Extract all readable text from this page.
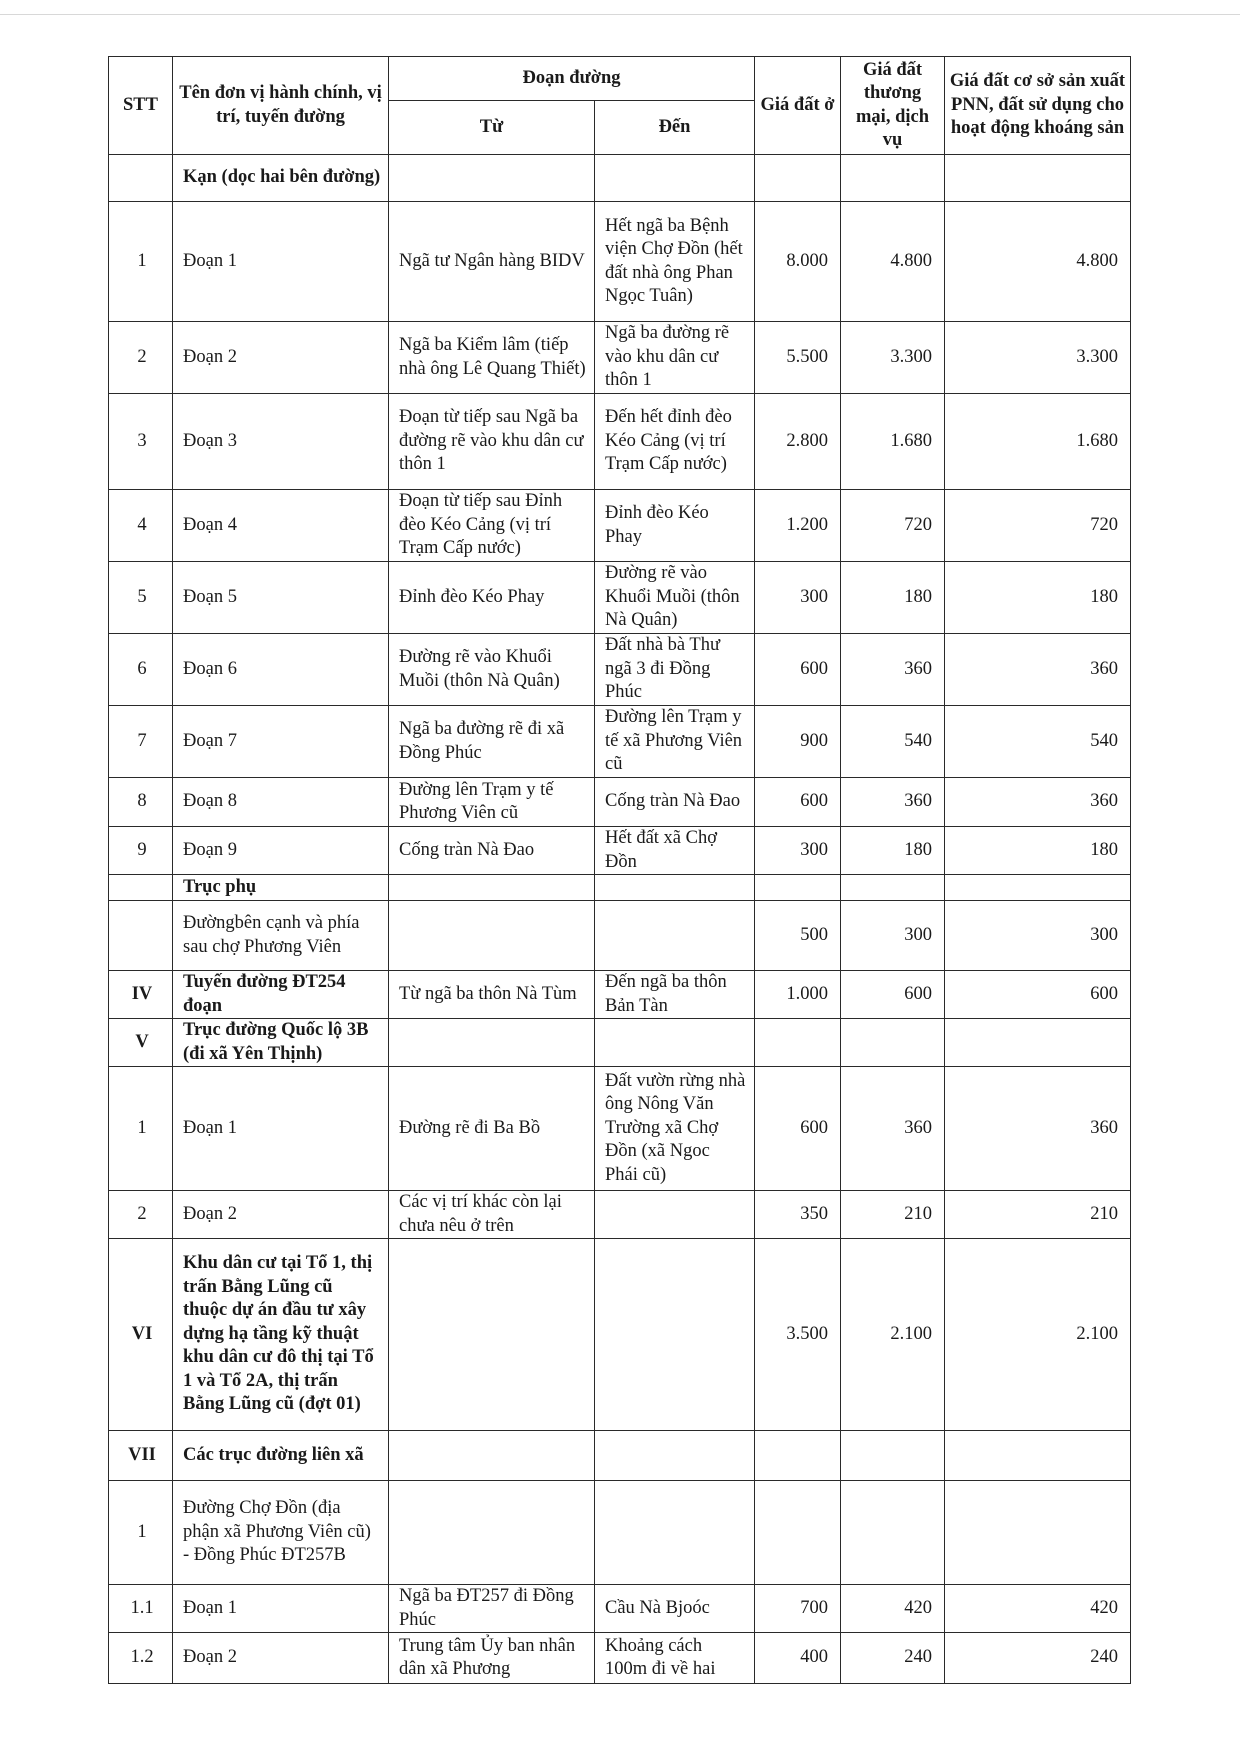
STT	Tên đơn vị hành chính, vị trí, tuyến đường	Đoạn đường		Giá đất ở	Giá đất thương mại, dịch vụ	Giá đất cơ sở sản xuất PNN, đất sử dụng cho hoạt động khoáng sản
		Từ	Đến			
	Kạn (dọc hai bên đường)					
1	Đoạn 1	Ngã tư Ngân hàng BIDV	Hết ngã ba Bệnh viện Chợ Đồn (hết đất nhà ông Phan Ngọc Tuân)	8.000	4.800	4.800
2	Đoạn 2	Ngã ba Kiểm lâm (tiếp nhà ông Lê Quang Thiết)	Ngã ba đường rẽ vào khu dân cư thôn 1	5.500	3.300	3.300
3	Đoạn 3	Đoạn từ tiếp sau Ngã ba đường rẽ vào khu dân cư thôn 1	Đến hết đỉnh đèo Kéo Cảng (vị trí Trạm Cấp nước)	2.800	1.680	1.680
4	Đoạn 4	Đoạn từ tiếp sau Đỉnh đèo Kéo Cảng (vị trí Trạm Cấp nước)	Đỉnh đèo Kéo Phay	1.200	720	720
5	Đoạn 5	Đỉnh đèo Kéo Phay	Đường rẽ vào Khuổi Muồi (thôn Nà Quân)	300	180	180
6	Đoạn 6	Đường rẽ vào Khuổi Muồi (thôn Nà Quân)	Đất nhà bà Thư ngã 3 đi Đồng Phúc	600	360	360
7	Đoạn 7	Ngã ba đường rẽ đi xã Đồng Phúc	Đường lên Trạm y tế xã Phương Viên cũ	900	540	540
8	Đoạn 8	Đường lên Trạm y tế Phương Viên cũ	Cống tràn Nà Đao	600	360	360
9	Đoạn 9	Cống tràn Nà Đao	Hết đất xã Chợ Đồn	300	180	180
	Trục phụ					
	Đườngbên cạnh và phía sau chợ Phương Viên			500	300	300
IV	Tuyến đường ĐT254 đoạn	Từ ngã ba thôn Nà Tùm	Đến ngã ba thôn Bản Tàn	1.000	600	600
V	Trục đường Quốc lộ 3B (đi xã Yên Thịnh)					
1	Đoạn 1	Đường rẽ đi Ba Bồ	Đất vườn rừng nhà ông Nông Văn Trường xã Chợ Đồn (xã Ngoc Phái cũ)	600	360	360
2	Đoạn 2	Các vị trí khác còn lại chưa nêu ở trên		350	210	210
VI	Khu dân cư tại Tổ 1, thị trấn Bằng Lũng cũ thuộc dự án đầu tư xây dựng hạ tầng kỹ thuật khu dân cư đô thị tại Tổ 1 và Tổ 2A, thị trấn Bằng Lũng cũ (đợt 01)			3.500	2.100	2.100
VII	Các trục đường liên xã					
1	Đường Chợ Đồn (địa phận xã Phương Viên cũ) - Đồng Phúc ĐT257B					
1.1	Đoạn 1	Ngã ba ĐT257 đi Đồng Phúc	Cầu Nà Bjoóc	700	420	420
1.2	Đoạn 2	Trung tâm Ủy ban nhân dân xã Phương	Khoảng cách 100m đi về hai	400	240	240
